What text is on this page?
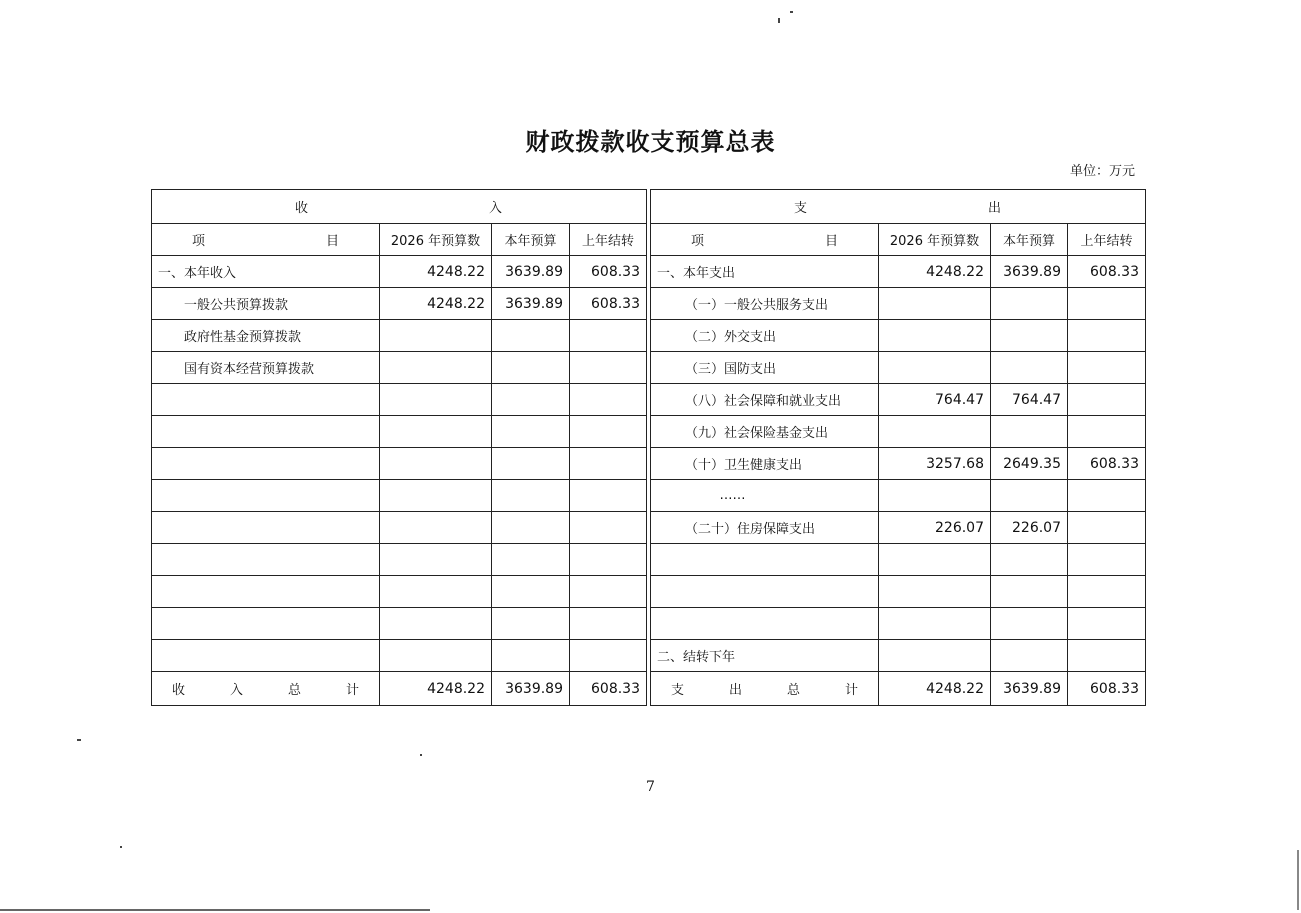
财政拨款收支预算总表
单位：万元
收 入					支 出			

项 目	2026 年预算数	本年预算	上年结转		项 目	2026 年预算数	本年预算	上年结转
一、本年收入	4248.22	3639.89	608.33		一、本年支出	4248.22	3639.89	608.33
一般公共预算拨款	4248.22	3639.89	608.33		（一）一般公共服务支出			
政府性基金预算拨款					（二）外交支出			
国有资本经营预算拨款					（三）国防支出			
					（八）社会保障和就业支出	764.47	764.47	
					（九）社会保险基金支出			
					（十）卫生健康支出	3257.68	2649.35	608.33
					……			
					（二十）住房保障支出	226.07	226.07	

					二、结转下年			

收 入 总 计	4248.22	3639.89	608.33		支 出 总 计	4248.22	3639.89	608.33
7
